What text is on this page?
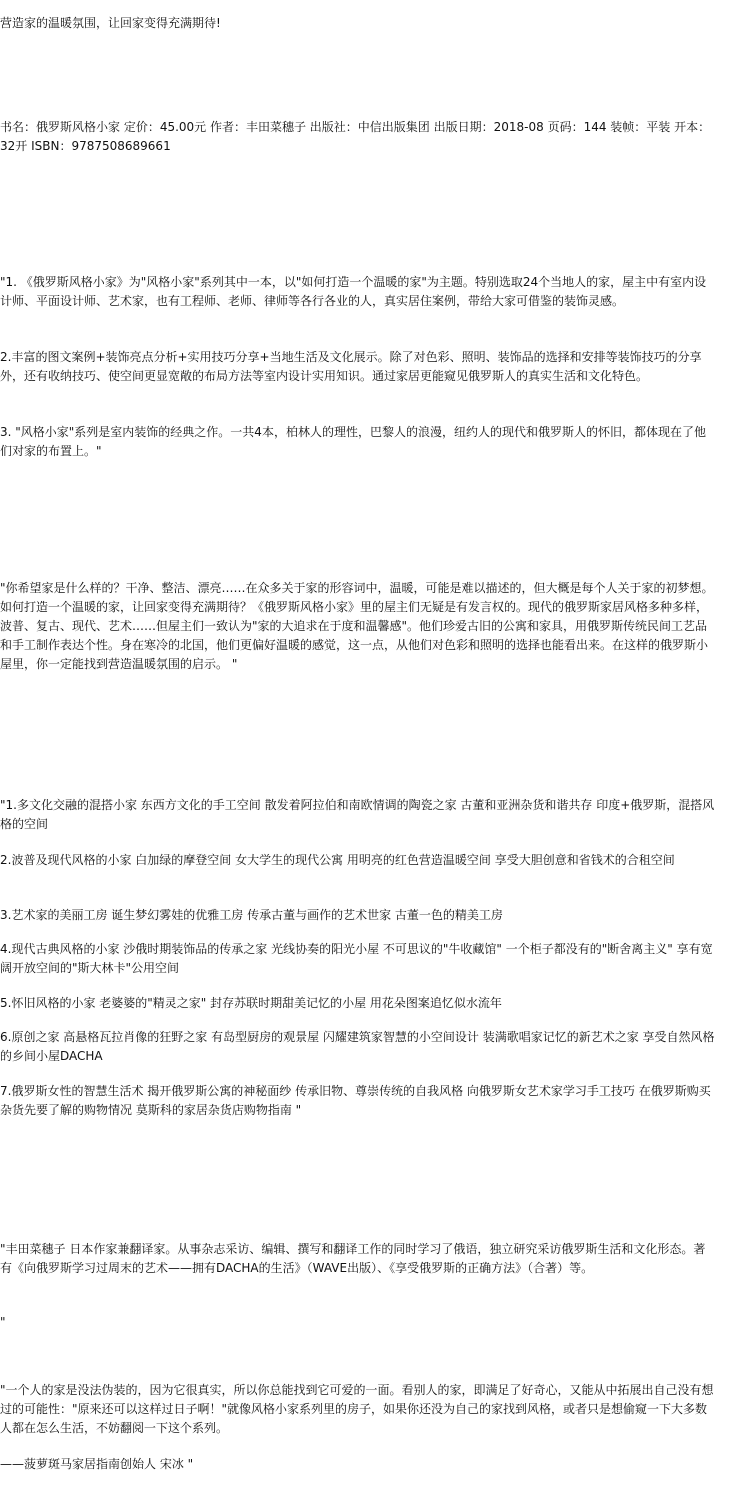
营造家的温暖氛围，让回家变得充满期待!

书名：俄罗斯风格小家 定价：45.00元 作者：丰田菜穗子 出版社：中信出版集团 出版日期：2018-08 页码：144 装帧：平装 开本：32开 ISBN：9787508689661

"1. 《俄罗斯风格小家》为"风格小家"系列其中一本，以"如何打造一个温暖的家"为主题。特别选取24个当地人的家，屋主中有室内设计师、平面设计师、艺术家，也有工程师、老师、律师等各行各业的人，真实居住案例，带给大家可借鉴的装饰灵感。

2.丰富的图文案例+装饰亮点分析+实用技巧分享+当地生活及文化展示。除了对色彩、照明、装饰品的选择和安排等装饰技巧的分享外，还有收纳技巧、使空间更显宽敞的布局方法等室内设计实用知识。通过家居更能窥见俄罗斯人的真实生活和文化特色。

3. "风格小家"系列是室内装饰的经典之作。一共4本，柏林人的理性，巴黎人的浪漫，纽约人的现代和俄罗斯人的怀旧，都体现在了他们对家的布置上。"

"你希望家是什么样的？干净、整洁、漂亮……在众多关于家的形容词中，温暖，可能是难以描述的，但大概是每个人关于家的初梦想。 如何打造一个温暖的家，让回家变得充满期待？《俄罗斯风格小家》里的屋主们无疑是有发言权的。现代的俄罗斯家居风格多种多样，波普、复古、现代、艺术……但屋主们一致认为"家的大追求在于度和温馨感"。他们珍爱古旧的公寓和家具，用俄罗斯传统民间工艺品和手工制作表达个性。身在寒冷的北国，他们更偏好温暖的感觉，这一点，从他们对色彩和照明的选择也能看出来。在这样的俄罗斯小屋里，你一定能找到营造温暖氛围的启示。 "

"1.多文化交融的混搭小家 东西方文化的手工空间 散发着阿拉伯和南欧情调的陶瓷之家 古董和亚洲杂货和谐共存 印度+俄罗斯，混搭风格的空间

2.波普及现代风格的小家 白加绿的摩登空间 女大学生的现代公寓 用明亮的红色营造温暖空间 享受大胆创意和省钱术的合租空间

3.艺术家的美丽工房 诞生梦幻雾娃的优雅工房 传承古董与画作的艺术世家 古董一色的精美工房

4.现代古典风格的小家 沙俄时期装饰品的传承之家 光线协奏的阳光小屋 不可思议的"牛收藏馆" 一个柜子都没有的"断舍离主义" 享有宽阔开放空间的"斯大林卡"公用空间

5.怀旧风格的小家 老婆婆的"精灵之家" 封存苏联时期甜美记忆的小屋 用花朵图案追忆似水流年

6.原创之家 高悬格瓦拉肖像的狂野之家 有岛型厨房的观景屋 闪耀建筑家智慧的小空间设计 装满歌唱家记忆的新艺术之家 享受自然风格的乡间小屋DACHA

7.俄罗斯女性的智慧生活术 揭开俄罗斯公寓的神秘面纱 传承旧物、尊崇传统的自我风格 向俄罗斯女艺术家学习手工技巧 在俄罗斯购买杂货先要了解的购物情况 莫斯科的家居杂货店购物指南 "

"丰田菜穗子 日本作家兼翻译家。从事杂志采访、编辑、撰写和翻译工作的同时学习了俄语，独立研究采访俄罗斯生活和文化形态。著有《向俄罗斯学习过周末的艺术——拥有DACHA的生活》（WAVE出版）、《享受俄罗斯的正确方法》（合著）等。

"

"一个人的家是没法伪装的，因为它很真实，所以你总能找到它可爱的一面。看别人的家，即满足了好奇心，又能从中拓展出自己没有想过的可能性："原来还可以这样过日子啊！"就像风格小家系列里的房子，如果你还没为自己的家找到风格，或者只是想偷窥一下大多数人都在怎么生活，不妨翻阅一下这个系列。

——菠萝斑马家居指南创始人 宋冰 "
